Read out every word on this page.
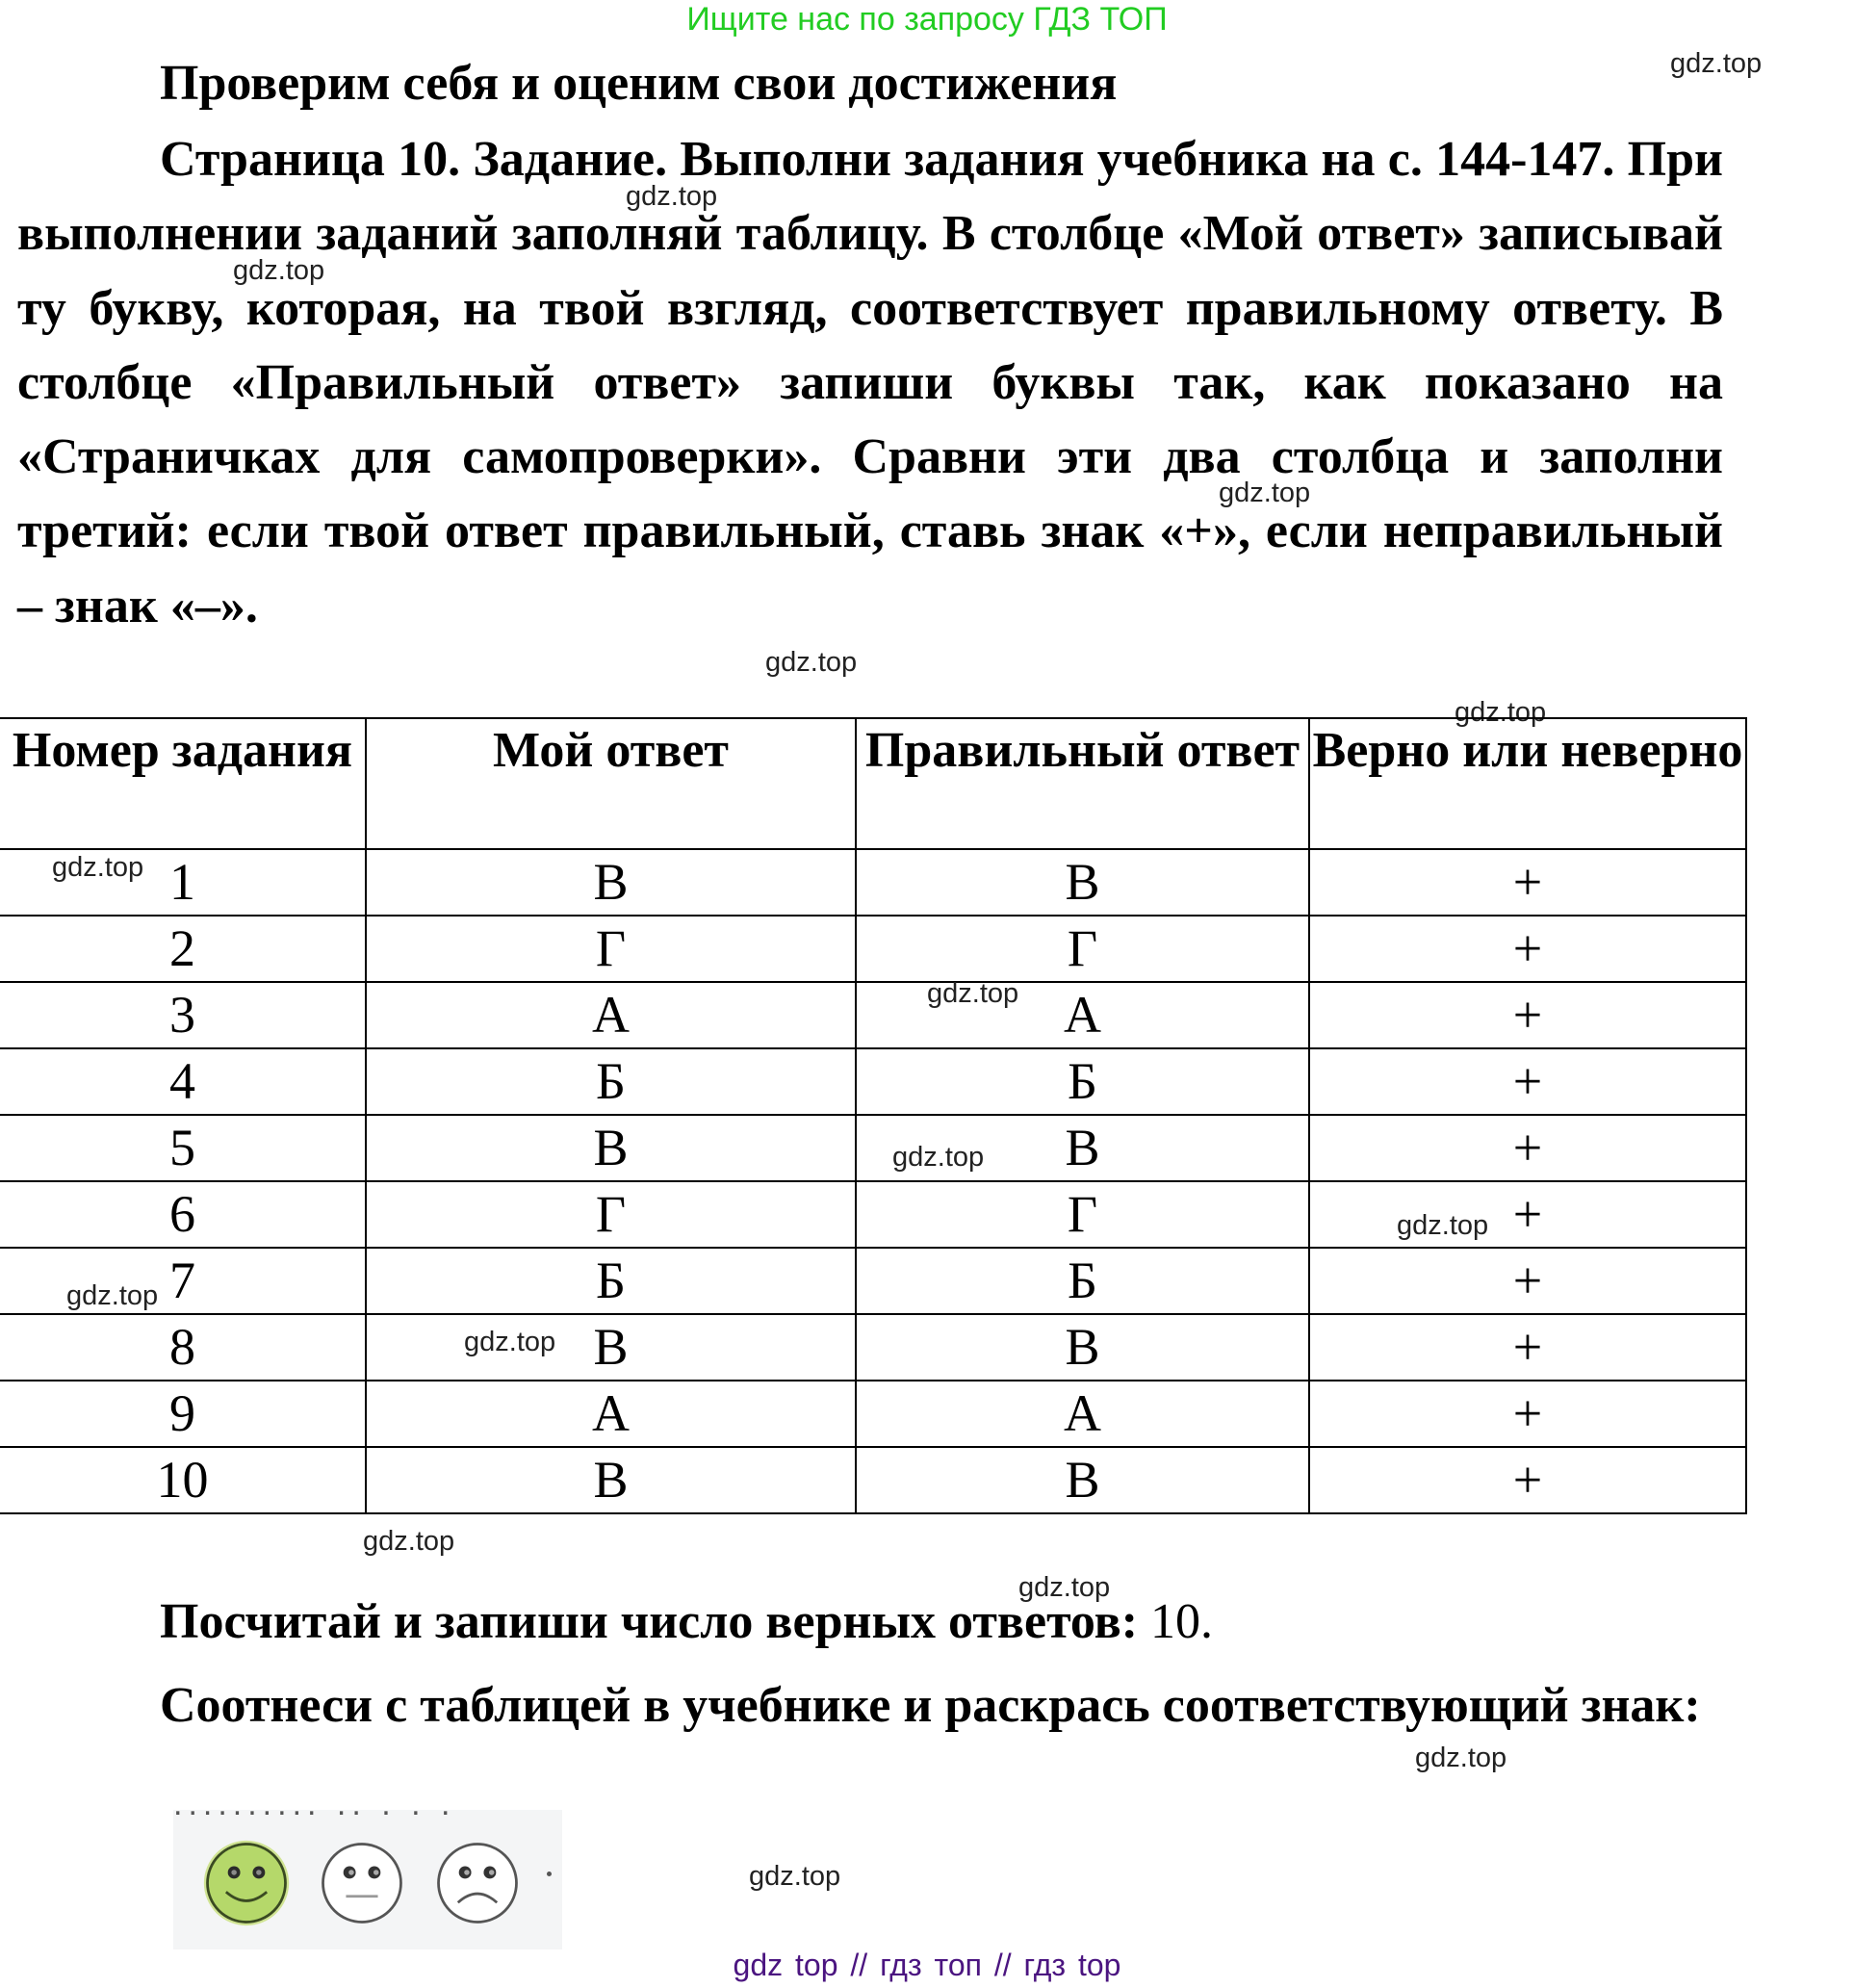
Ищите нас по запросу ГДЗ ТОП
Проверим себя и оценим свои достижения
Страница 10. Задание. Выполни задания учебника на с. 144-147. При выполнении заданий заполняй таблицу. В столбце «Мой ответ» записывай ту букву, которая, на твой взгляд, соответствует правильному ответу. В столбце «Правильный ответ» запиши буквы так, как показано на «Страничках для самопроверки». Сравни эти два столбца и заполни третий: если твой ответ правильный, ставь знак «+», если неправильный – знак «–».
gdz.top
gdz.top
gdz.top
gdz.top
gdz.top
gdz.top
Номер задания	Мой ответ	Правильный ответ	Верно или неверно
1	В	В	+
2	Г	Г	+
3	А	А	+
4	Б	Б	+
5	В	В	+
6	Г	Г	+
7	Б	Б	+
8	В	В	+
9	А	А	+
10	В	В	+
gdz.top
gdz.top
gdz.top
gdz.top
gdz.top
gdz.top
gdz.top
gdz.top
Посчитай и запиши число верных ответов: 10.
Соотнеси с таблицей в учебнике и раскрась соответствующий знак:
gdz.top
gdz.top
.......... .. . . .
gdz top // гдз топ // гдз top
